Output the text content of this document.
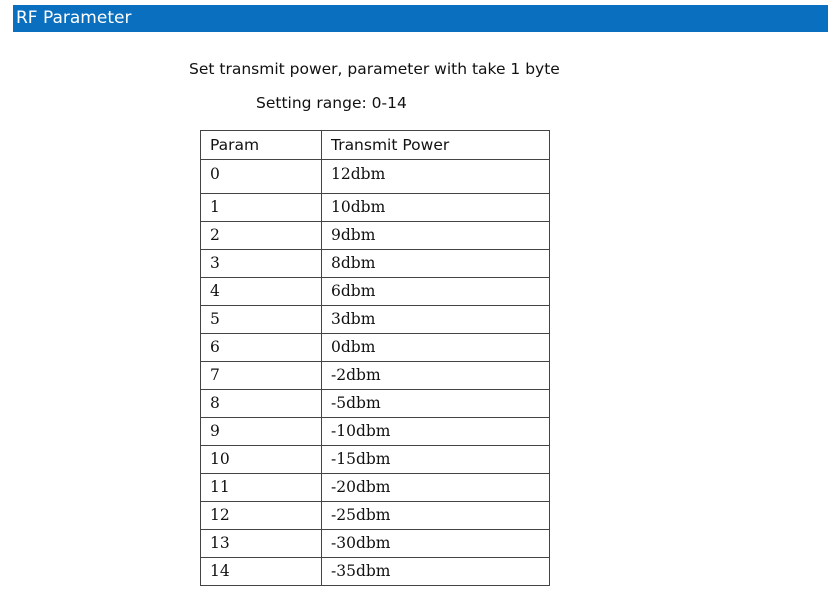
RF Parameter
Set transmit power, parameter with take 1 byte
Setting range: 0-14
Param	Transmit Power
0	12dbm
1	10dbm
2	9dbm
3	8dbm
4	6dbm
5	3dbm
6	0dbm
7	-2dbm
8	-5dbm
9	-10dbm
10	-15dbm
11	-20dbm
12	-25dbm
13	-30dbm
14	-35dbm
